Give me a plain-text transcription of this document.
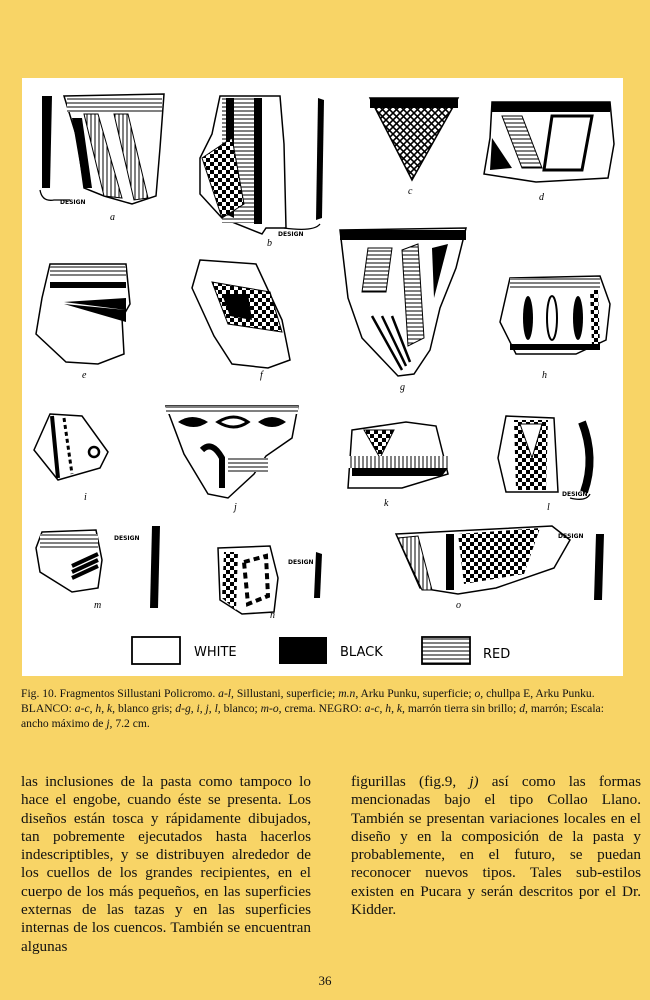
DESIGN
a
DESIGN
b
c
d
e	f
g
h
i
j	k
DESIGN
l
DESIGN
m
DESIGN
n
DESIGN
o
WHITE	BLACK	RED
Fig. 10. Fragmentos Sillustani Policromo. a-l, Sillustani, superficie; m.n, Arku Punku, superficie; o, chullpa E, Arku Punku. BLANCO: a-c, h, k, blanco gris; d-g, i, j, l, blanco; m-o, crema. NEGRO: a-c, h, k, marrón tierra sin brillo; d, marrón; Escala: ancho máximo de j, 7.2 cm.
las inclusiones de la pasta como tampoco lo hace el engobe, cuando éste se presenta. Los diseños están tosca y rápidamente dibujados, tan pobremente ejecutados hasta hacerlos indescriptibles, y se distribuyen alrededor de los cuellos de los grandes recipientes, en el cuerpo de los más pequeños, en las superficies externas de las tazas y en las superficies internas de los cuencos. También se encuentran algunas
figurillas (fig.9, j) así como las formas mencionadas bajo el tipo Collao Llano. También se presentan variaciones locales en el diseño y en la composición de la pasta y probablemente, en el futuro, se puedan reconocer nuevos tipos. Tales sub-estilos existen en Pucara y serán descritos por el Dr. Kidder.
36
